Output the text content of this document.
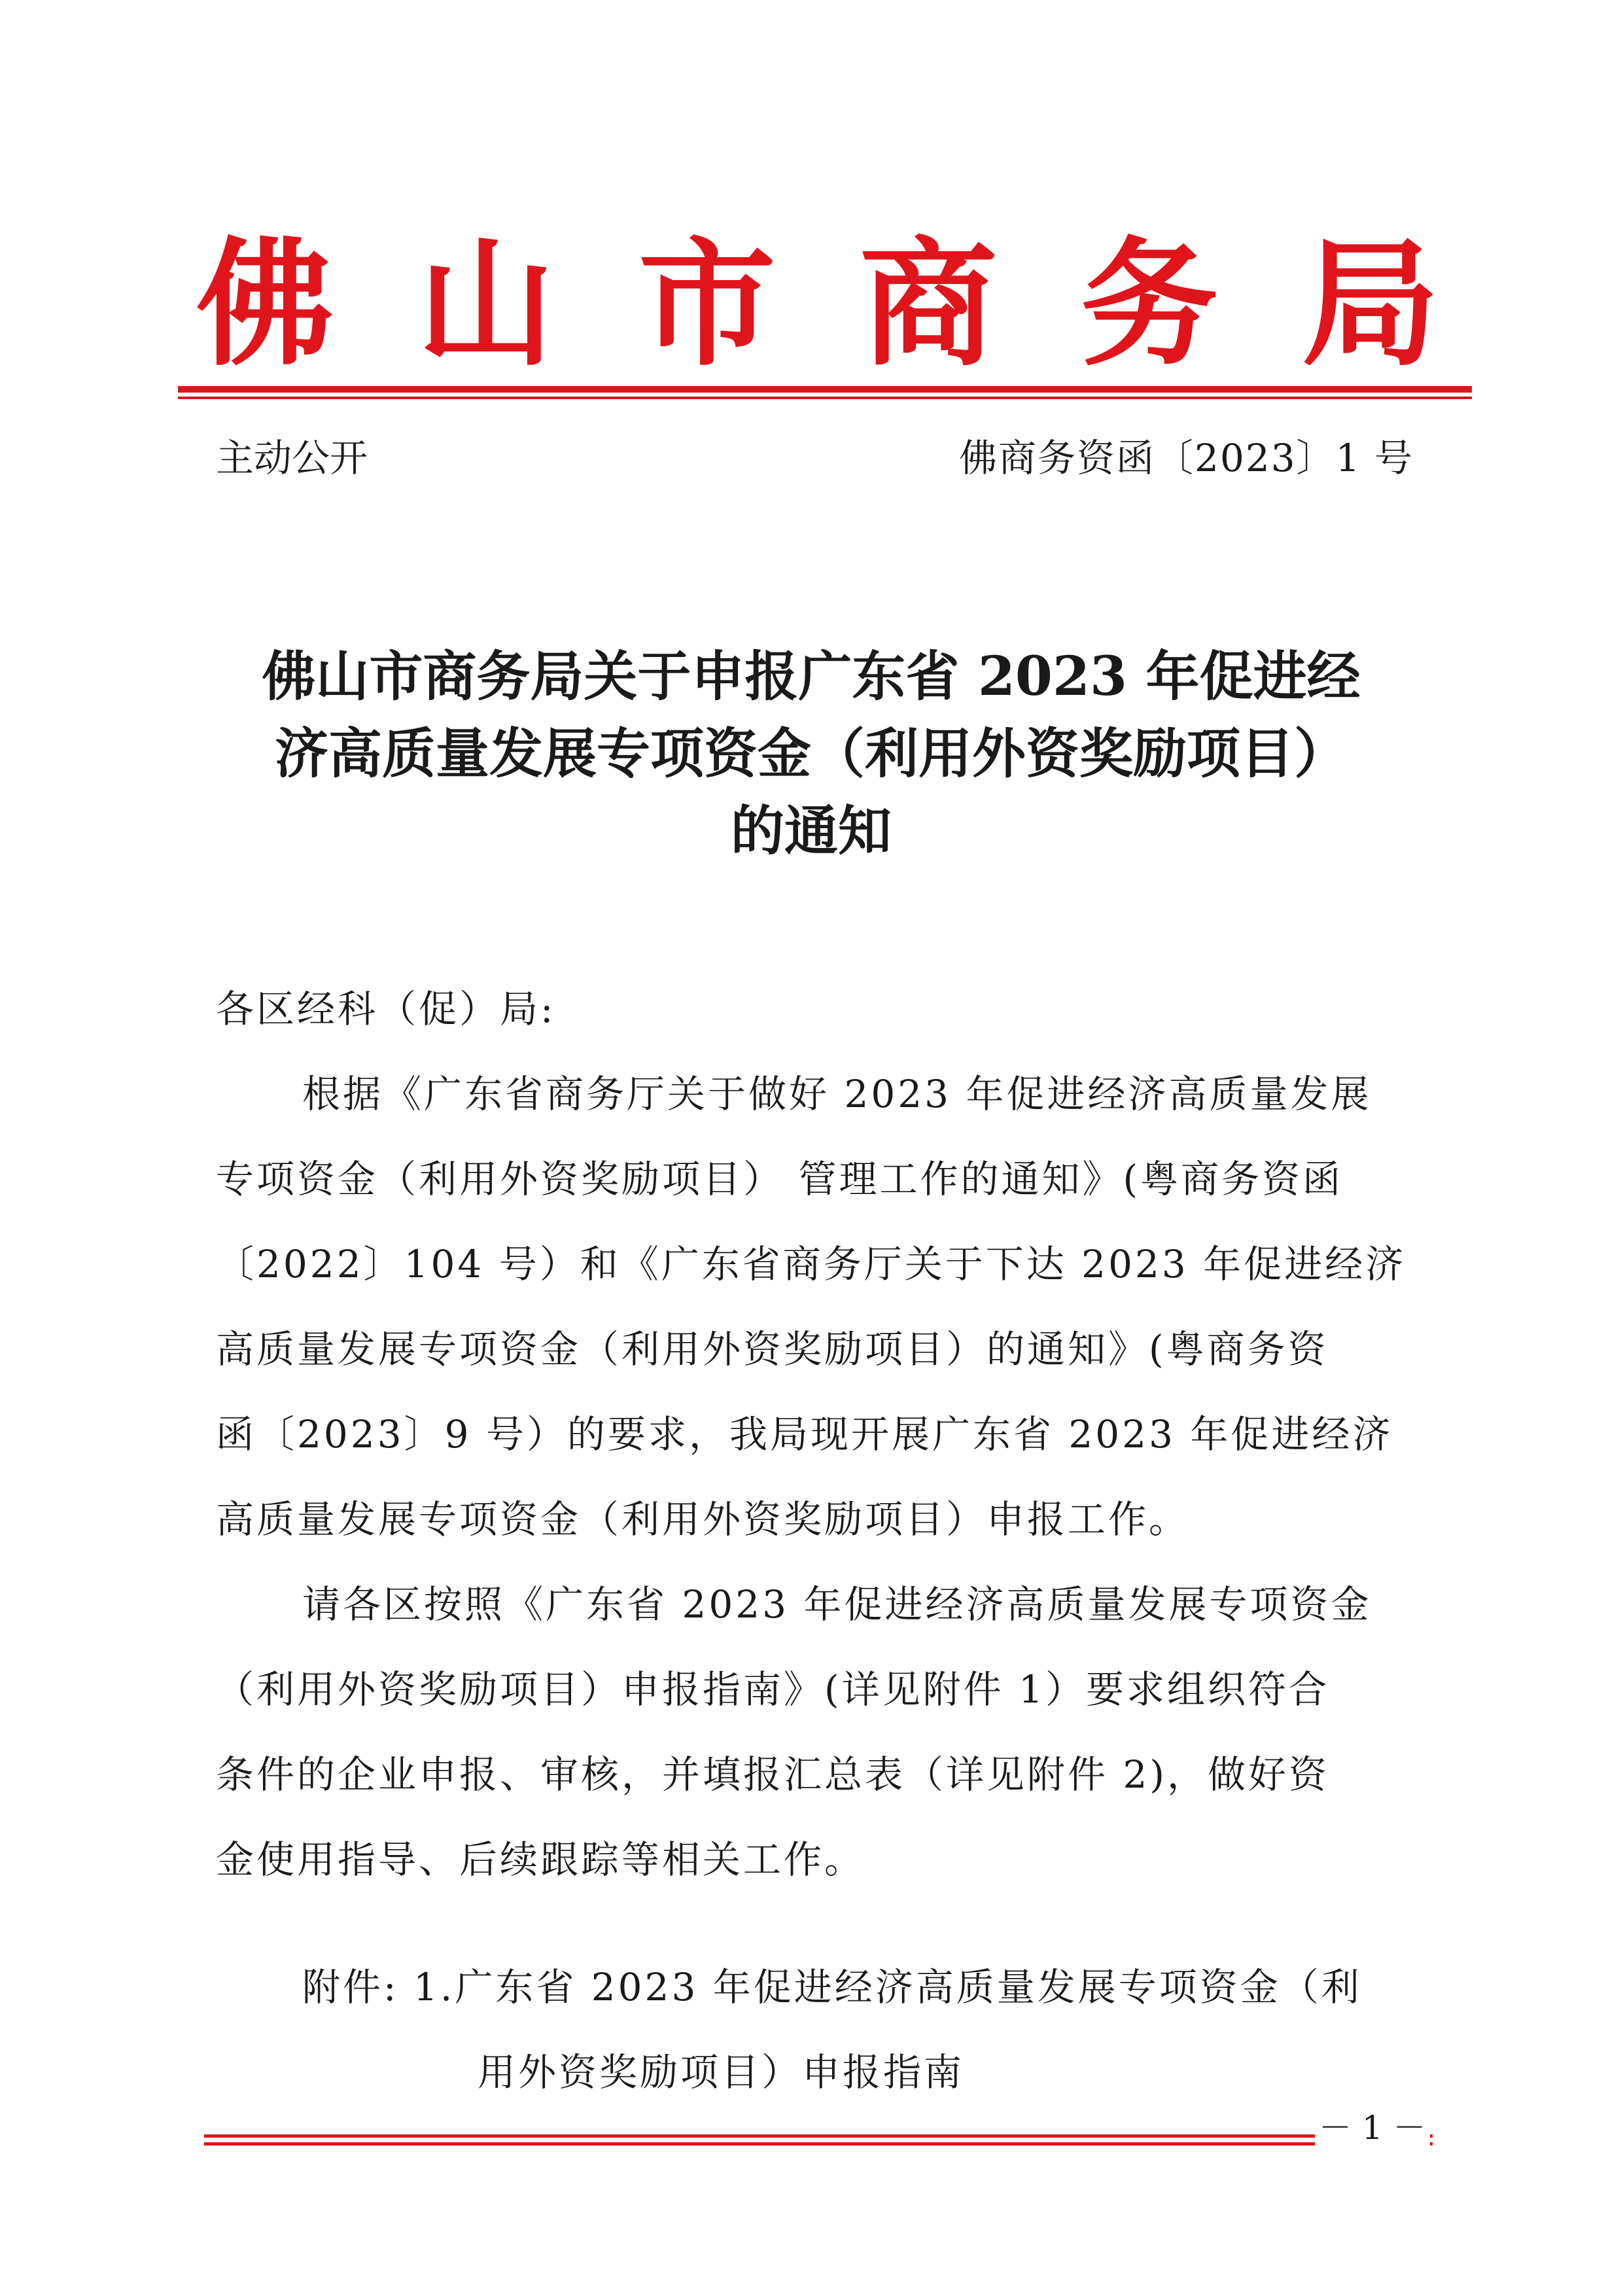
佛 山 市 商 务 局
主动公开	佛商务资函〔2023〕1 号
佛山市商务局关于申报广东省 2023 年促进经
济高质量发展专项资金（利用外资奖励项目）
的通知
各区经科（促）局:
根据《广东省商务厅关于做好 2023 年促进经济高质量发展
专项资金（利用外资奖励项目） 管理工作的通知》(粤商务资函
〔2022〕104 号）和《广东省商务厅关于下达 2023 年促进经济
高质量发展专项资金（利用外资奖励项目）的通知》(粤商务资
函〔2023〕9 号）的要求，我局现开展广东省 2023 年促进经济
高质量发展专项资金（利用外资奖励项目）申报工作。
请各区按照《广东省 2023 年促进经济高质量发展专项资金
（利用外资奖励项目）申报指南》(详见附件 1）要求组织符合
条件的企业申报、审核，并填报汇总表（详见附件 2)，做好资
金使用指导、后续跟踪等相关工作。
附件: 1.广东省 2023 年促进经济高质量发展专项资金（利
用外资奖励项目）申报指南
－ 1 －
